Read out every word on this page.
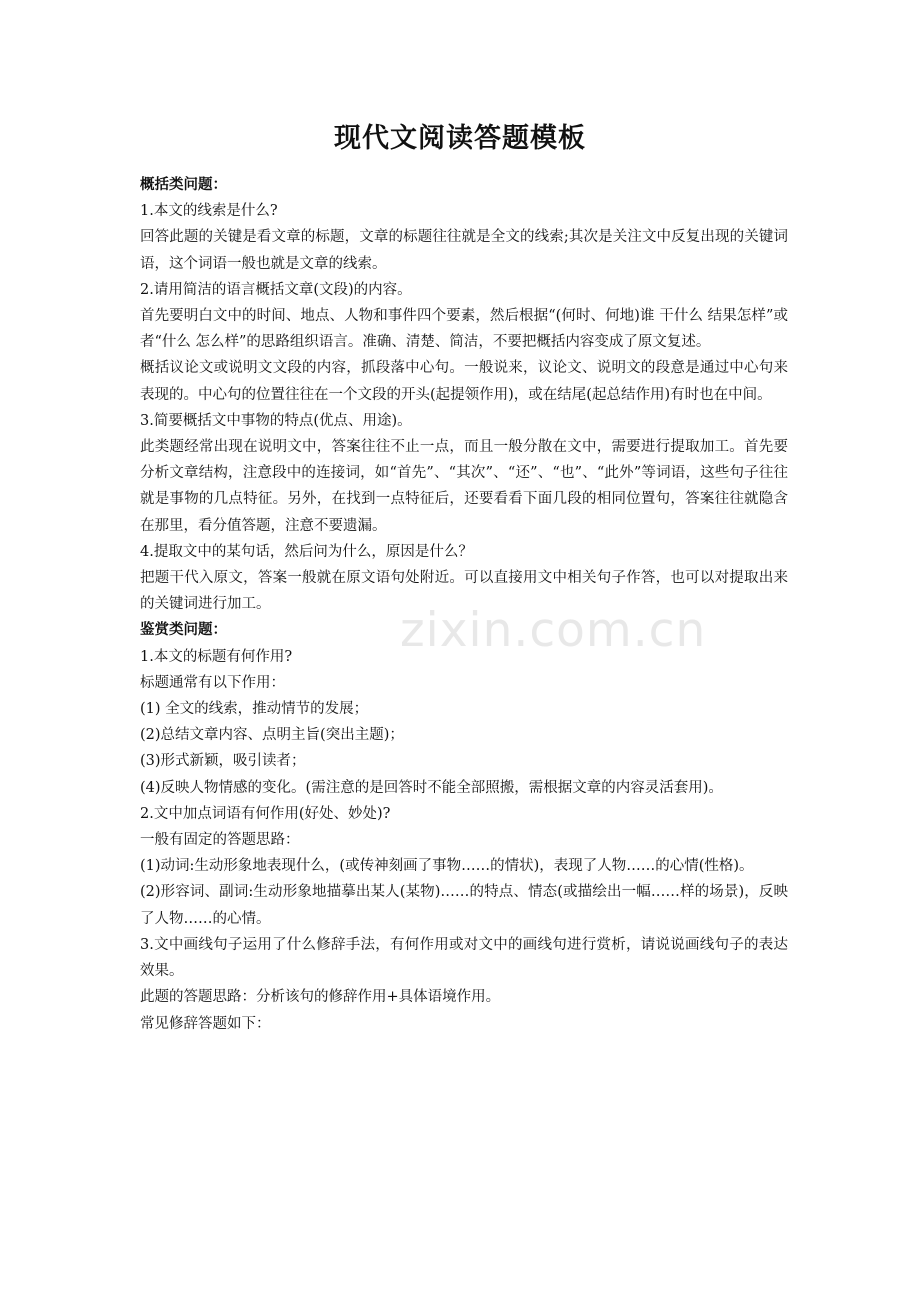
现代文阅读答题模板

概括类问题：

1.本文的线索是什么?

回答此题的关键是看文章的标题，文章的标题往往就是全文的线索;其次是关注文中反复出现的关键词语，这个词语一般也就是文章的线索。

2.请用简洁的语言概括文章(文段)的内容。

首先要明白文中的时间、地点、人物和事件四个要素，然后根据“(何时、何地)谁 干什么 结果怎样”或者“什么 怎么样”的思路组织语言。准确、清楚、简洁，不要把概括内容变成了原文复述。

概括议论文或说明文文段的内容，抓段落中心句。一般说来，议论文、说明文的段意是通过中心句来表现的。中心句的位置往往在一个文段的开头(起提领作用)，或在结尾(起总结作用)有时也在中间。

3.简要概括文中事物的特点(优点、用途)。

此类题经常出现在说明文中，答案往往不止一点，而且一般分散在文中，需要进行提取加工。首先要分析文章结构，注意段中的连接词，如“首先”、“其次”、“还”、“也”、“此外”等词语，这些句子往往就是事物的几点特征。另外，在找到一点特征后，还要看看下面几段的相同位置句，答案往往就隐含在那里，看分值答题，注意不要遗漏。

4.提取文中的某句话，然后问为什么，原因是什么？

把题干代入原文，答案一般就在原文语句处附近。可以直接用文中相关句子作答，也可以对提取出来的关键词进行加工。

鉴赏类问题：

1.本文的标题有何作用?

标题通常有以下作用：

(1) 全文的线索，推动情节的发展；

(2)总结文章内容、点明主旨(突出主题)；

(3)形式新颖，吸引读者；

(4)反映人物情感的变化。(需注意的是回答时不能全部照搬，需根据文章的内容灵活套用)。

2.文中加点词语有何作用(好处、妙处)?

一般有固定的答题思路：

(1)动词:生动形象地表现什么，(或传神刻画了事物……的情状)，表现了人物……的心情(性格)。

(2)形容词、副词:生动形象地描摹出某人(某物)……的特点、情态(或描绘出一幅……样的场景)，反映了人物……的心情。

3.文中画线句子运用了什么修辞手法，有何作用或对文中的画线句进行赏析，请说说画线句子的表达效果。

此题的答题思路：分析该句的修辞作用+具体语境作用。

常见修辞答题如下：

zixin.com.cn
